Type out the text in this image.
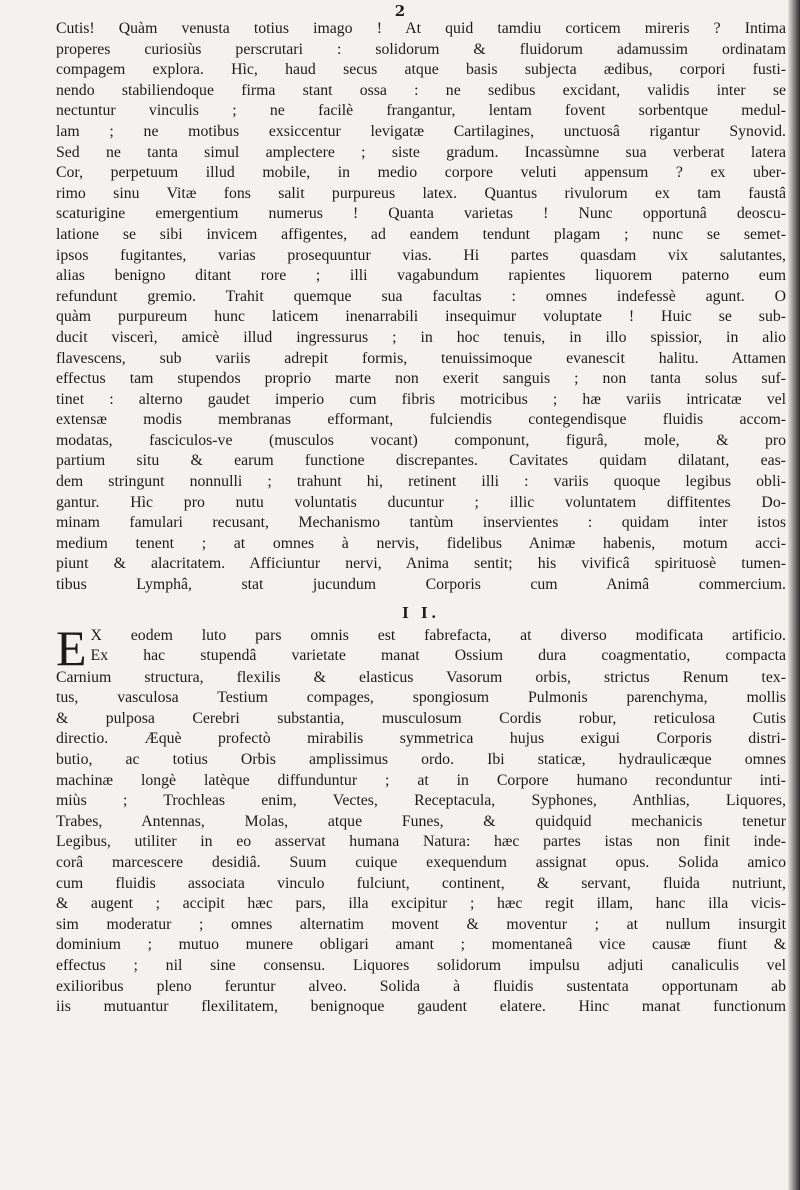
2
Cutis! Quàm venusta totius imago ! At quid tamdiu corticem mireris ? Intima
properes curiosiùs perscrutari : solidorum & fluidorum adamussim ordinatam
compagem explora. Hìc, haud secus atque basis subjecta ædibus, corpori fusti-
nendo stabiliendoque firma stant ossa : ne sedibus excidant, validis inter se
nectuntur vinculis ; ne facilè frangantur, lentam fovent sorbentque medul-
lam ; ne motibus exsiccentur levigatæ Cartilagines, unctuosâ rigantur Synovid.
Sed ne tanta simul amplectere ; siste gradum. Incassùmne sua verberat latera
Cor, perpetuum illud mobile, in medio corpore veluti appensum ? ex uber-
rimo sinu Vitæ fons salit purpureus latex. Quantus rivulorum ex tam faustâ
scaturigine emergentium numerus ! Quanta varietas ! Nunc opportunâ deoscu-
latione se sibi invicem affigentes, ad eandem tendunt plagam ; nunc se semet-
ipsos fugitantes, varias prosequuntur vias. Hi partes quasdam vix salutantes,
alias benigno ditant rore ; illi vagabundum rapientes liquorem paterno eum
refundunt gremio. Trahit quemque sua facultas : omnes indefessè agunt. O
quàm purpureum hunc laticem inenarrabili insequimur voluptate ! Huic se sub-
ducit viscerì, amicè illud ingressurus ; in hoc tenuis, in illo spissior, in alio
flavescens, sub variis adrepit formis, tenuissimoque evanescit halitu. Attamen
effectus tam stupendos proprio marte non exerit sanguis ; non tanta solus suf-
tinet : alterno gaudet imperio cum fibris motricibus ; hæ variis intricatæ vel
extensæ modis membranas efformant, fulciendis contegendisque fluidis accom-
modatas, fasciculos-ve (musculos vocant) componunt, figurâ, mole, & pro
partium situ & earum functione discrepantes. Cavitates quidam dilatant, eas-
dem stringunt nonnulli ; trahunt hi, retinent illi : variis quoque legibus obli-
gantur. Hìc pro nutu voluntatis ducuntur ; illic voluntatem diffitentes Do-
minam famulari recusant, Mechanismo tantùm inservientes : quidam inter istos
medium tenent ; at omnes à nervis, fidelibus Animæ habenis, motum acci-
piunt & alacritatem. Afficiuntur nervi, Anima sentit; his vivificâ spirituosè tumen-
tibus Lymphâ, stat jucundum Corporis cum Animâ commercium.
I I.
E X eodem luto pars omnis est fabrefacta, at diverso modificata artificio.
Ex hac stupendâ varietate manat Ossium dura coagmentatio, compacta
Carnium structura, flexilis & elasticus Vasorum orbis, strictus Renum tex-
tus, vasculosa Testium compages, spongiosum Pulmonis parenchyma, mollis
& pulposa Cerebri substantia, musculosum Cordis robur, reticulosa Cutis
directio. Æquè profectò mirabilis symmetrica hujus exigui Corporis distri-
butio, ac totius Orbis amplissimus ordo. Ibi staticæ, hydraulicæque omnes
machinæ longè latèque diffunduntur ; at in Corpore humano reconduntur inti-
miùs ; Trochleas enim, Vectes, Receptacula, Syphones, Anthlias, Liquores,
Trabes, Antennas, Molas, atque Funes, & quidquid mechanicis tenetur
Legibus, utiliter in eo asservat humana Natura: hæc partes istas non finit inde-
corâ marcescere desidiâ. Suum cuique exequendum assignat opus. Solida amico
cum fluidis associata vinculo fulciunt, continent, & servant, fluida nutriunt,
& augent ; accipit hæc pars, illa excipitur ; hæc regit illam, hanc illa vicis-
sim moderatur ; omnes alternatim movent & moventur ; at nullum insurgit
dominium ; mutuo munere obligari amant ; momentaneâ vice causæ fiunt &
effectus ; nil sine consensu. Liquores solidorum impulsu adjuti canaliculis vel
exilioribus pleno feruntur alveo. Solida à fluidis sustentata opportunam ab
iis mutuantur flexilitatem, benignoque gaudent elatere. Hinc manat functionum
